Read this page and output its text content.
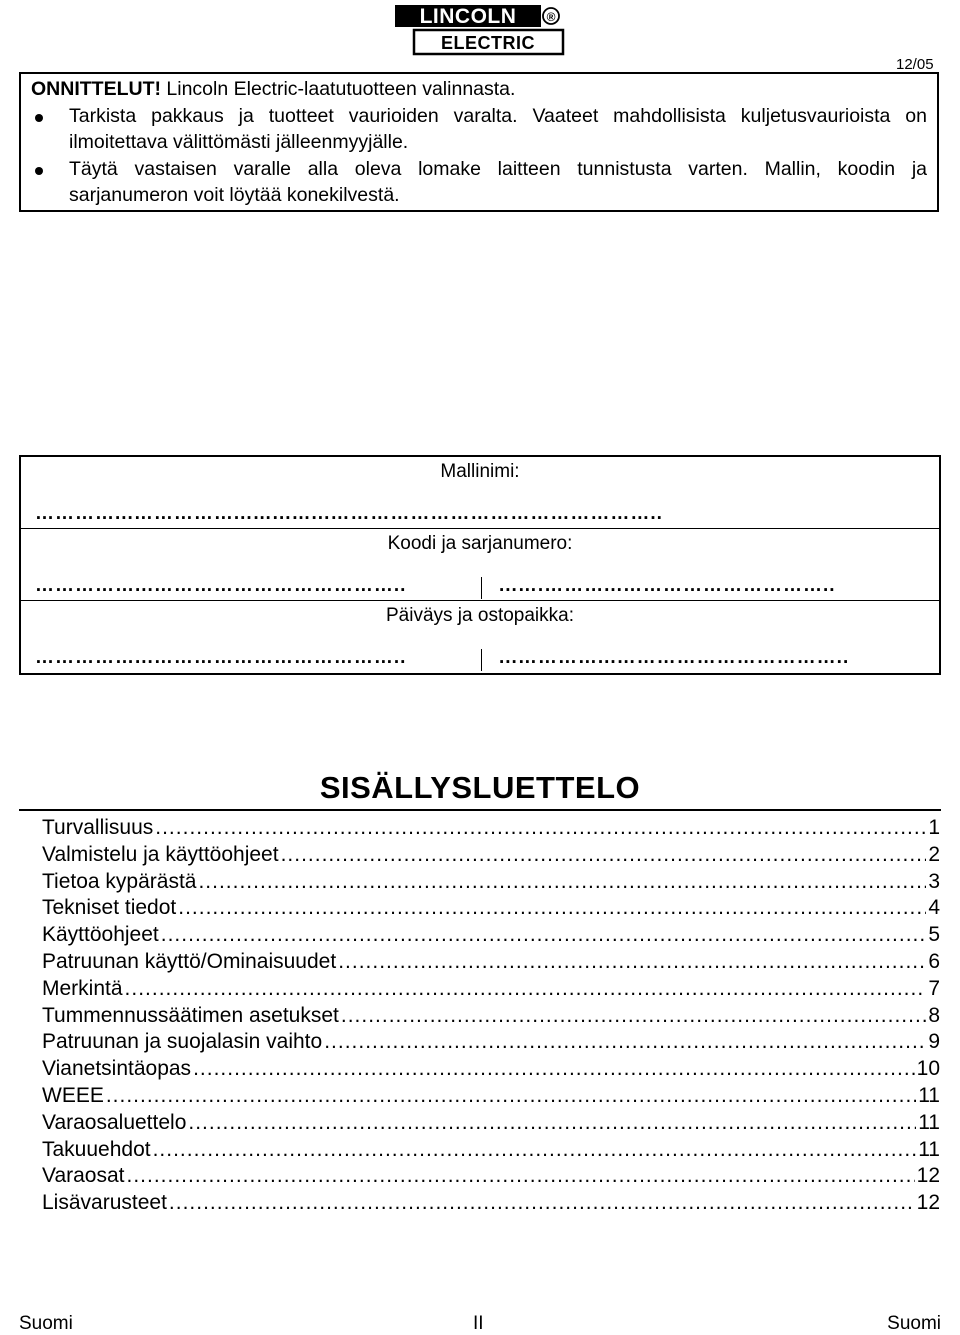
LINCOLN	®
ELECTRIC
12/05
ONNITTELUT! Lincoln Electric-laatutuotteen valinnasta.
Tarkista pakkaus ja tuotteet vaurioiden varalta. Vaateet mahdollisista kuljetusvaurioista on ilmoitettava välittömästi jälleenmyyjälle.
Täytä vastaisen varalle alla oleva lomake laitteen tunnistusta varten. Mallin, koodin ja sarjanumeron voit löytää konekilvestä.
Mallinimi:
…………...……………...…...…...…………………………………………..
Koodi ja sarjanumero:
……………...………………………………..	...….………...…………………………..
Päiväys ja ostopaikka:
……………...………………………………..	...…………...……………………………..
SISÄLLYSLUETTELO
Turvallisuus .....	1
Valmistelu ja käyttöohjeet .....	2
Tietoa kypärästä .....	3
Tekniset tiedot .....	4
Käyttöohjeet .....	5
Patruunan käyttö/Ominaisuudet .....	6
Merkintä .....	7
Tummennussäätimen asetukset .....	8
Patruunan ja suojalasin vaihto .....	9
Vianetsintäopas .....	10
WEEE .....	11
Varaosaluettelo .....	11
Takuuehdot .....	11
Varaosat .....	12
Lisävarusteet .....	12
Suomi	II	Suomi
